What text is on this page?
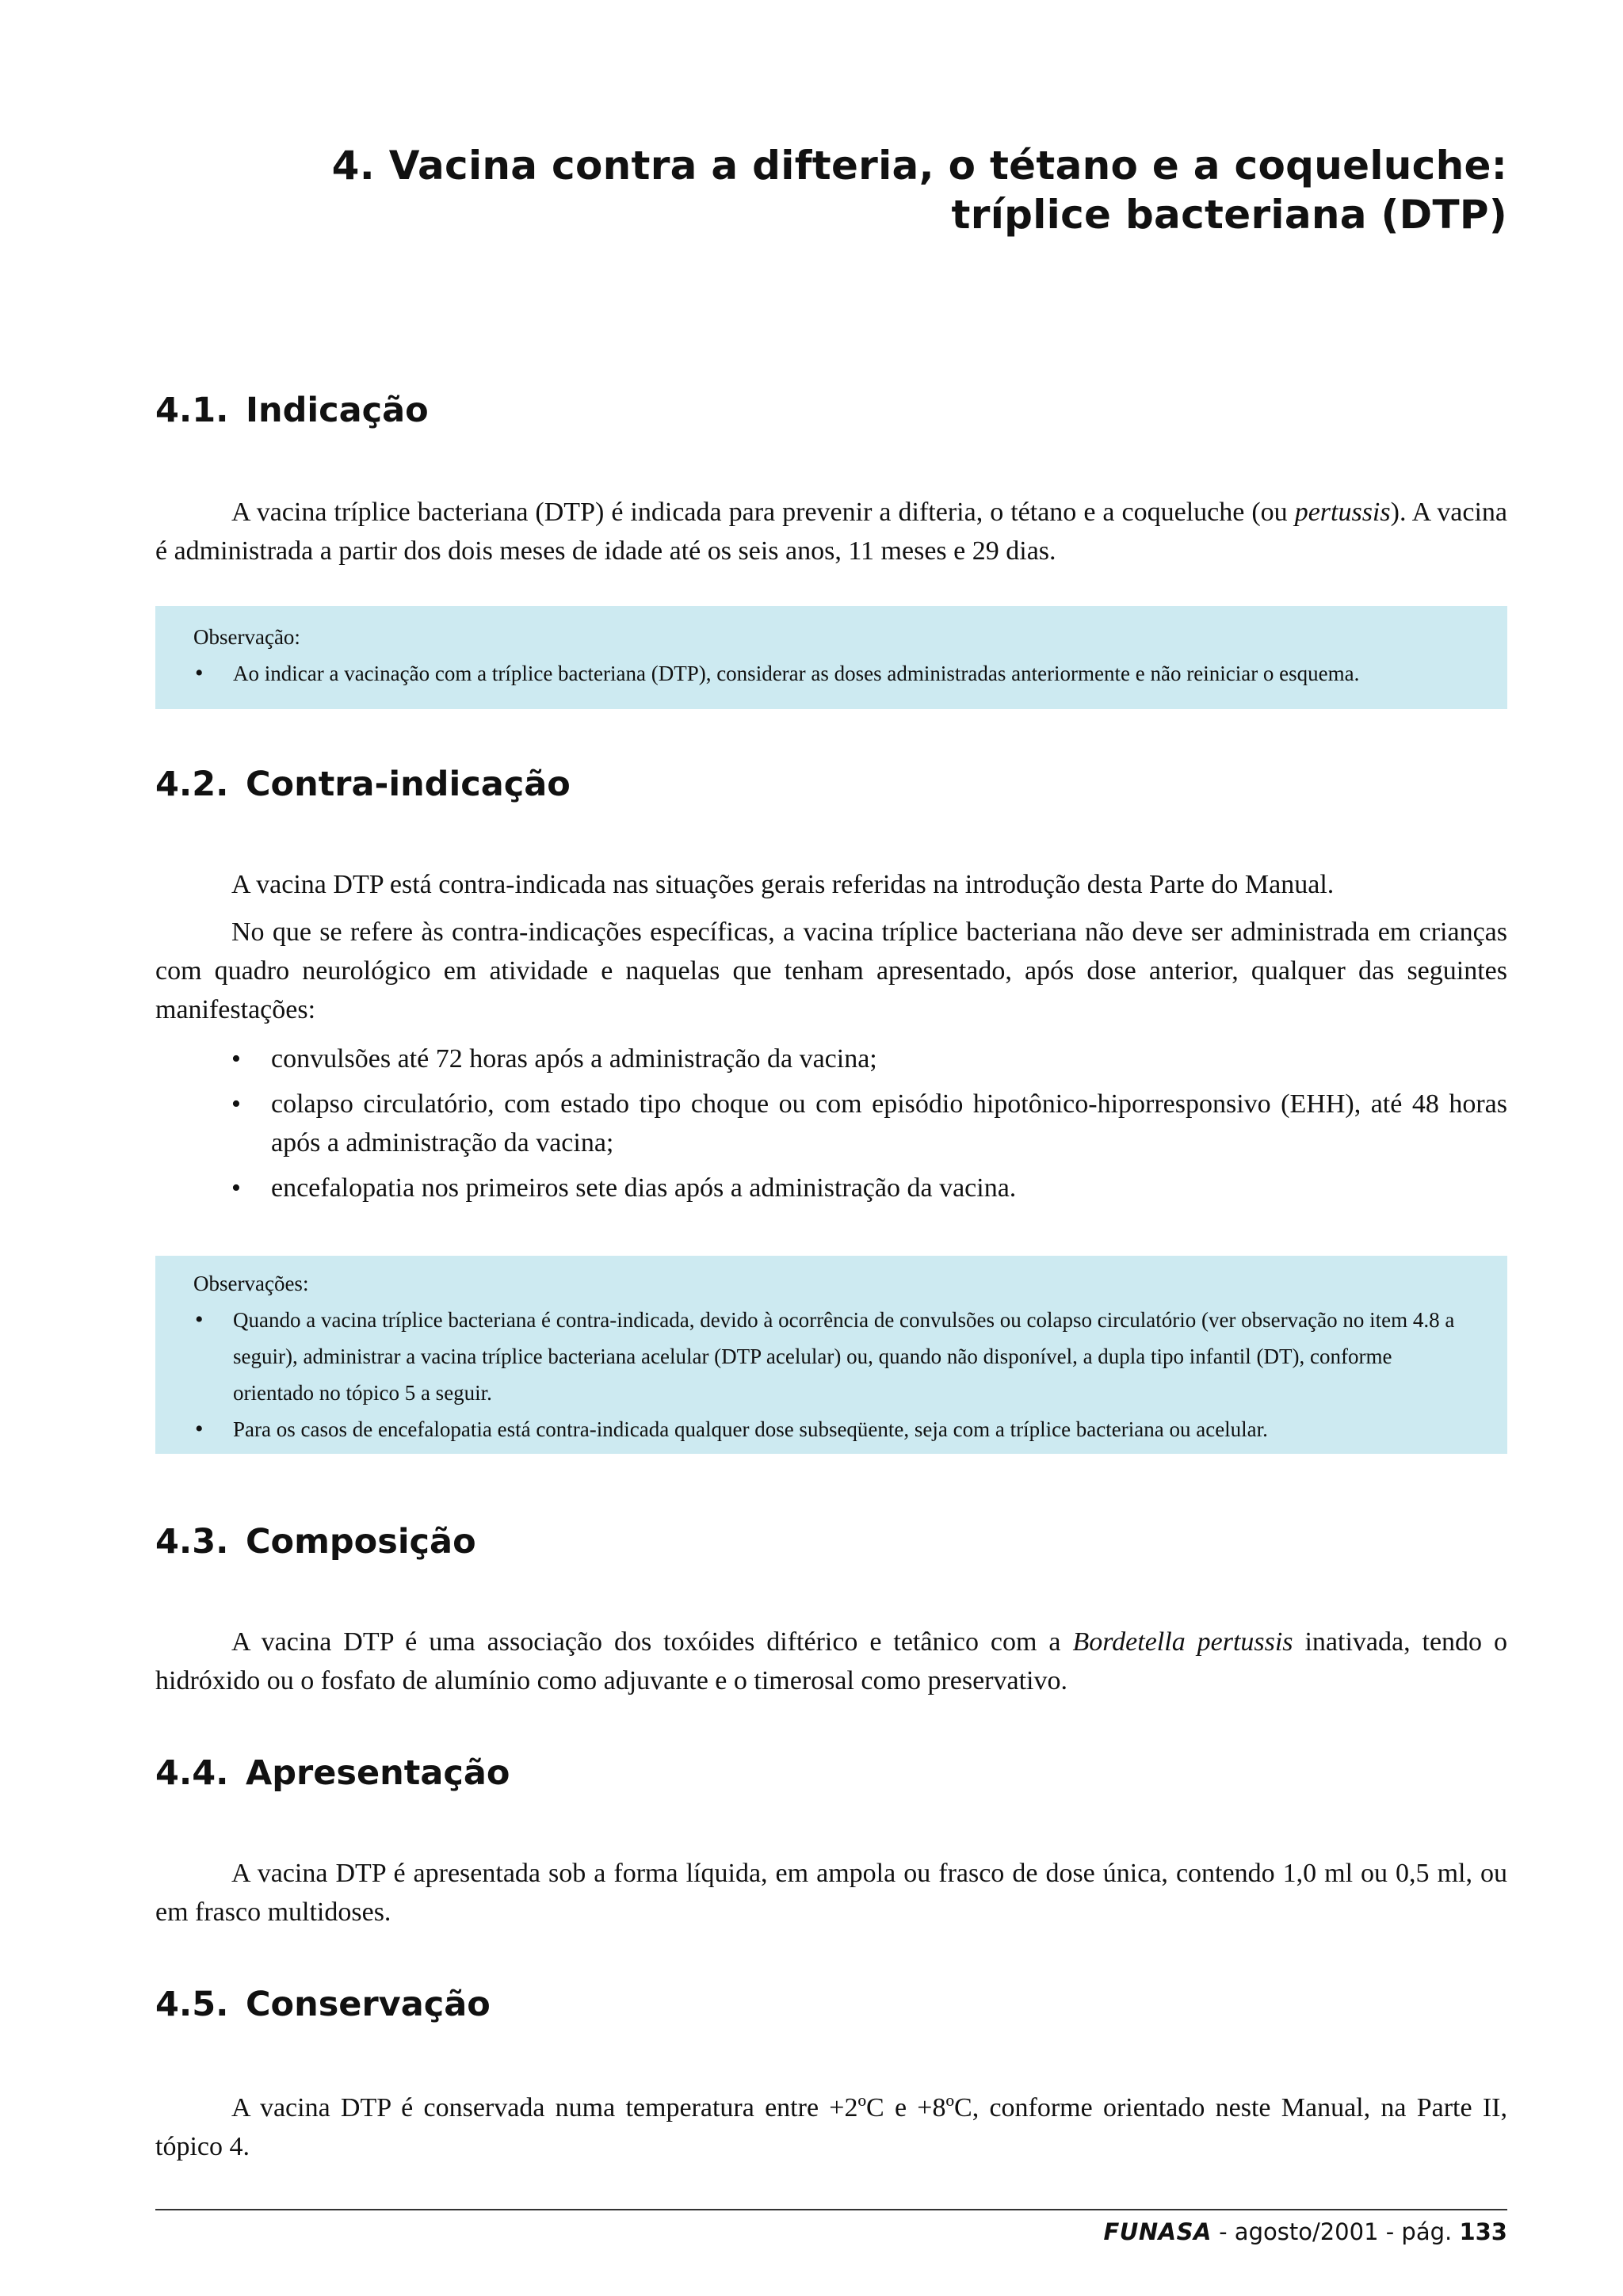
4. Vacina contra a difteria, o tétano e a coqueluche:
tríplice bacteriana (DTP)
4.1. Indicação
A vacina tríplice bacteriana (DTP) é indicada para prevenir a difteria, o tétano e a coqueluche (ou pertussis). A vacina é administrada a partir dos dois meses de idade até os seis anos, 11 meses e 29 dias.
Observação:
• Ao indicar a vacinação com a tríplice bacteriana (DTP), considerar as doses administradas anteriormente e não reiniciar o esquema.
4.2. Contra-indicação
A vacina DTP está contra-indicada nas situações gerais referidas na introdução desta Parte do Manual.
No que se refere às contra-indicações específicas, a vacina tríplice bacteriana não deve ser administrada em crianças com quadro neurológico em atividade e naquelas que tenham apresentado, após dose anterior, qualquer das seguintes manifestações:
• convulsões até 72 horas após a administração da vacina;
• colapso circulatório, com estado tipo choque ou com episódio hipotônico-hiporresponsivo (EHH), até 48 horas após a administração da vacina;
• encefalopatia nos primeiros sete dias após a administração da vacina.
Observações:
• Quando a vacina tríplice bacteriana é contra-indicada, devido à ocorrência de convulsões ou colapso circulatório (ver observação no item 4.8 a seguir), administrar a vacina tríplice bacteriana acelular (DTP acelular) ou, quando não disponível, a dupla tipo infantil (DT), conforme orientado no tópico 5 a seguir.
• Para os casos de encefalopatia está contra-indicada qualquer dose subseqüente, seja com a tríplice bacteriana ou acelular.
4.3. Composição
A vacina DTP é uma associação dos toxóides diftérico e tetânico com a Bordetella pertussis inativada, tendo o hidróxido ou o fosfato de alumínio como adjuvante e o timerosal como preservativo.
4.4. Apresentação
A vacina DTP é apresentada sob a forma líquida, em ampola ou frasco de dose única, contendo 1,0 ml ou 0,5 ml, ou em frasco multidoses.
4.5. Conservação
A vacina DTP é conservada numa temperatura entre +2ºC e +8ºC, conforme orientado neste Manual, na Parte II, tópico 4.
FUNASA - agosto/2001 - pág. 133
